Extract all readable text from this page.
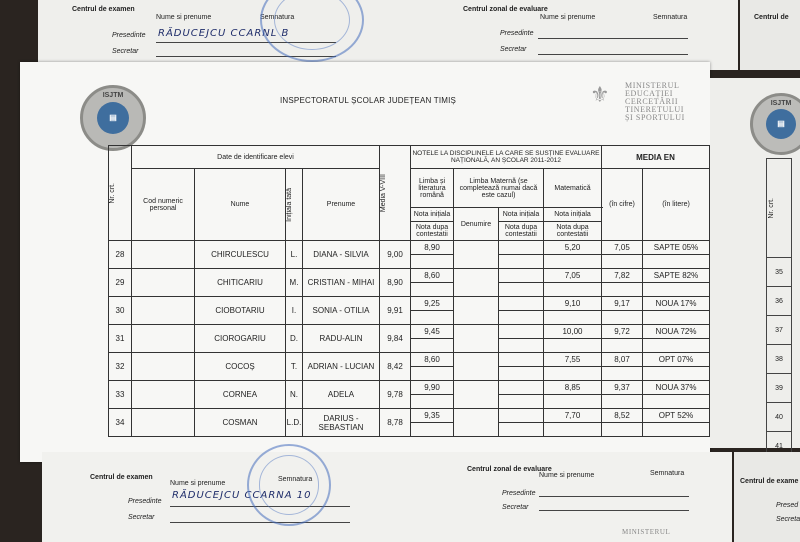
Centrul de examen
Nume si prenume	Semnatura
Centrul zonal de evaluare
Nume si prenume	Semnatura
Presedinte RĂDUCEJCU CCARNL B
Secretar
Presedinte
Secretar
Centrul de
ISJTM
▤
INSPECTORATUL ȘCOLAR JUDEȚEAN TIMIȘ	⚜	MINISTERUL
EDUCAȚIEI
CERCETĂRII
TINERETULUI
ȘI SPORTULUI
Nr. crt.	Date de identificare elevi				Media V-VIII	NOTELE LA DISCIPLINELE LA CARE SE SUSȚINE EVALUARE NAȚIONALĂ, AN ȘCOLAR 2011-2012				MEDIA EN	
	Cod numeric personal	Nume	Inițiala tată	Prenume		Limba și literatura română	Limba Maternă (se completează numai dacă este cazul)		Matematică	(în cifre)	(în litere)
						Nota inițiala	Denumire	Nota inițiala	Nota inițiala		
						Nota dupa contestatii		Nota dupa contestatii	Nota dupa contestatii		
28		CHIRCULESCU	L.	DIANA - SILVIA	9,00	8,90			5,20	7,05	SAPTE 05%

29		CHITICARIU	M.	CRISTIAN - MIHAI	8,90	8,60			7,05	7,82	SAPTE 82%

30		CIOBOTARIU	I.	SONIA - OTILIA	9,91	9,25			9,10	9,17	NOUA 17%

31		CIOROGARIU	D.	RADU-ALIN	9,84	9,45			10,00	9,72	NOUA 72%

32		COCOȘ	T.	ADRIAN - LUCIAN	8,42	8,60			7,55	8,07	OPT 07%

33		CORNEA	N.	ADELA	9,78	9,90			8,85	9,37	NOUA 37%

34		COSMAN	L.D.	DARIUS - SEBASTIAN	8,78	9,35			7,70	8,52	OPT 52%

ISJTM
▤
Nr. crt.

35
36
37
38
39
40
41
Centrul de examen
Nume si prenume
Semnatura
Centrul zonal de evaluare
Nume si prenume	Semnatura
Presedinte
RĂDUCEJCU CCARNA 10
Secretar
Presedinte
Secretar
MINISTERUL
Centrul de exame
Presed
Secreta
